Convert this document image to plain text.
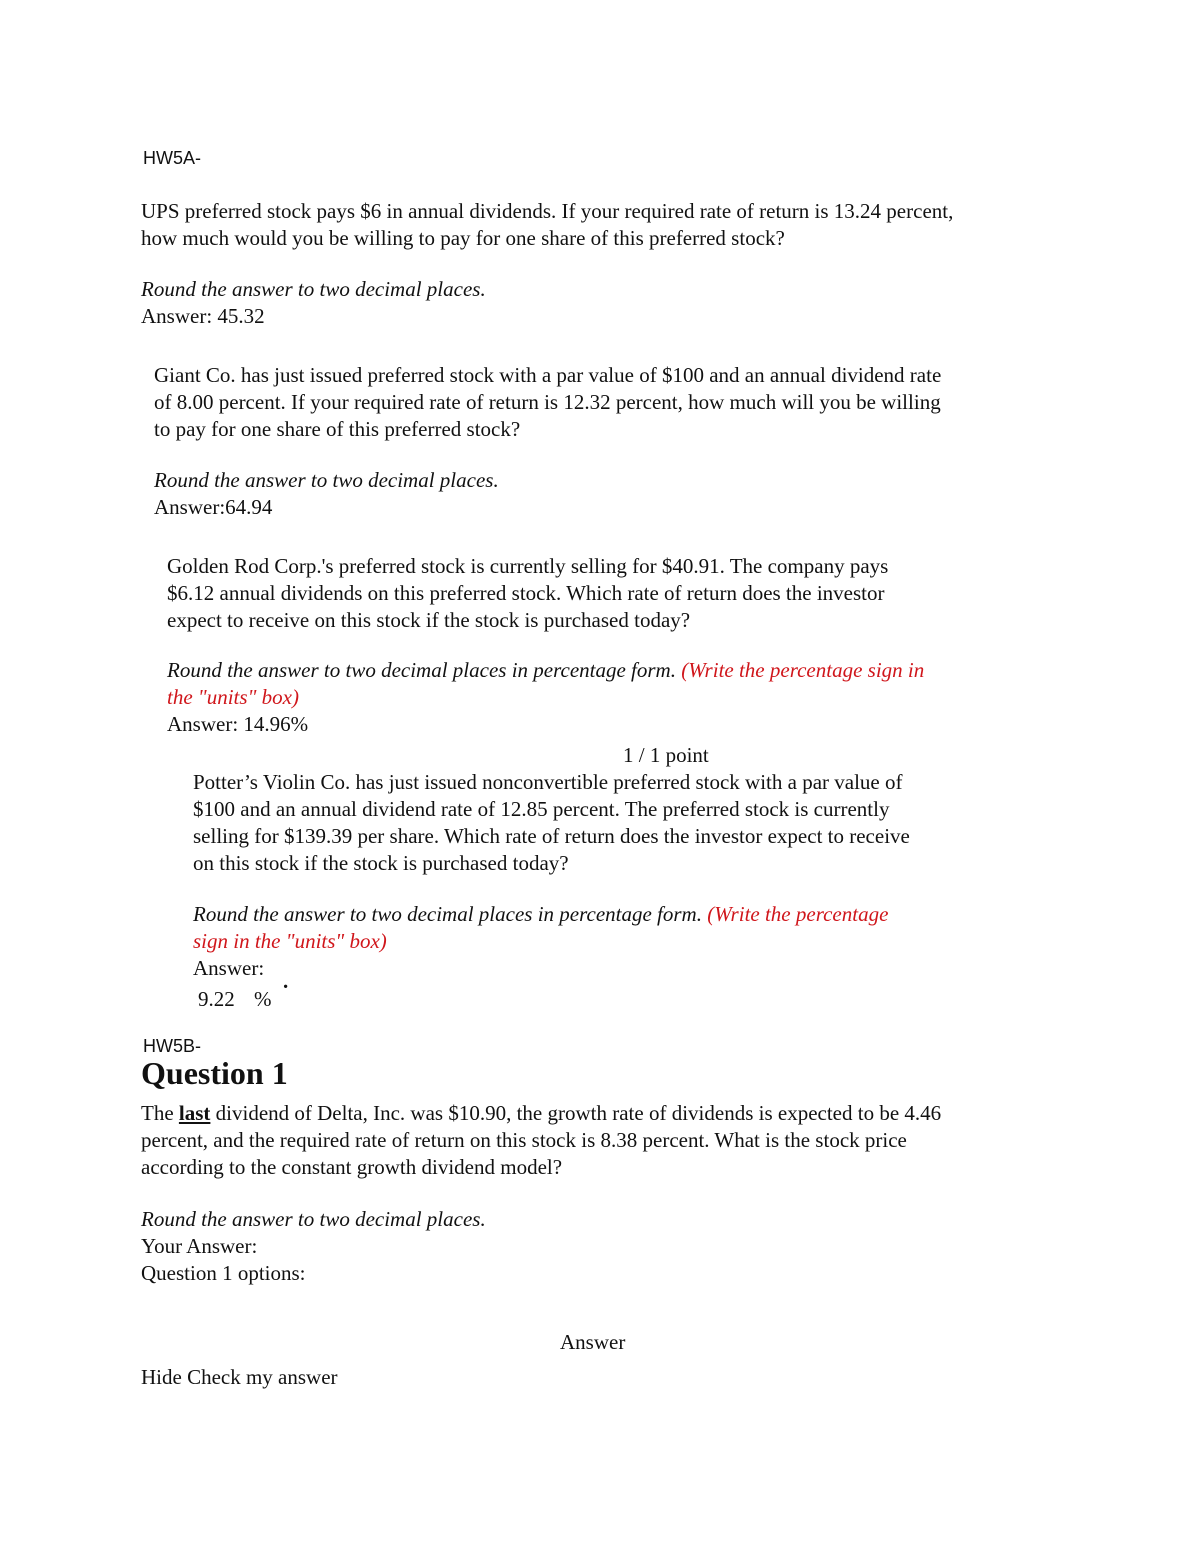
HW5A-
UPS preferred stock pays $6 in annual dividends. If your required rate of return is 13.24 percent,
how much would you be willing to pay for one share of this preferred stock?
Round the answer to two decimal places.
Answer: 45.32
Giant Co. has just issued preferred stock with a par value of $100 and an annual dividend rate
of 8.00 percent. If your required rate of return is 12.32 percent, how much will you be willing
to pay for one share of this preferred stock?
Round the answer to two decimal places.
Answer:64.94
Golden Rod Corp.'s preferred stock is currently selling for $40.91. The company pays
$6.12 annual dividends on this preferred stock. Which rate of return does the investor
expect to receive on this stock if the stock is purchased today?
Round the answer to two decimal places in percentage form. (Write the percentage sign in
the "units" box)
Answer: 14.96%
1 / 1 point
Potter’s Violin Co. has just issued nonconvertible preferred stock with a par value of
$100 and an annual dividend rate of 12.85 percent. The preferred stock is currently
selling for $139.39 per share. Which rate of return does the investor expect to receive
on this stock if the stock is purchased today?
Round the answer to two decimal places in percentage form. (Write the percentage
sign in the "units" box)
Answer:
.
9.22 %
HW5B-
Question 1
The last dividend of Delta, Inc. was $10.90, the growth rate of dividends is expected to be 4.46
percent, and the required rate of return on this stock is 8.38 percent. What is the stock price
according to the constant growth dividend model?
Round the answer to two decimal places.
Your Answer:
Question 1 options:
Answer
Hide Check my answer
